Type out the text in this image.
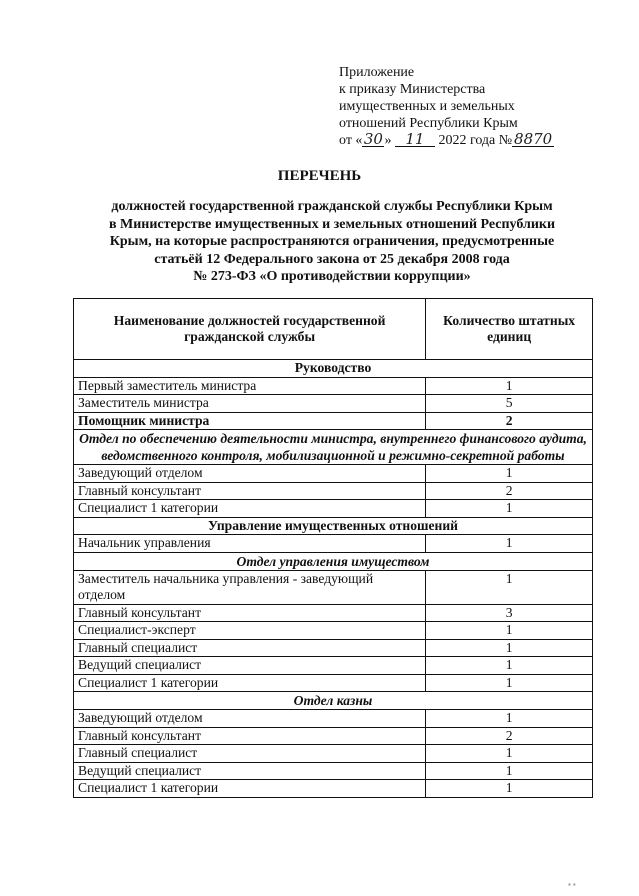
Приложение
к приказу Министерства
имущественных и земельных
отношений Республики Крым
от «30» 11 2022 года № 8870
ПЕРЕЧЕНЬ
должностей государственной гражданской службы Республики Крым
в Министерстве имущественных и земельных отношений Республики
Крым, на которые распространяются ограничения, предусмотренные
статьёй 12 Федерального закона от 25 декабря 2008 года
№ 273-ФЗ «О противодействии коррупции»
Наименование должностей государственной гражданской службы	Количество штатных единиц
Руководство	
Первый заместитель министра	1
Заместитель министра	5
Помощник министра	2
Отдел по обеспечению деятельности министра, внутреннего финансового аудита, ведомственного контроля, мобилизационной и режимно-секретной работы	
Заведующий отделом	1
Главный консультант	2
Специалист 1 категории	1
Управление имущественных отношений	
Начальник управления	1
Отдел управления имуществом	
Заместитель начальника управления - заведующий отделом	1
Главный консультант	3
Специалист-эксперт	1
Главный специалист	1
Ведущий специалист	1
Специалист 1 категории	1
Отдел казны	
Заведующий отделом	1
Главный консультант	2
Главный специалист	1
Ведущий специалист	1
Специалист 1 категории	1
▪ ▪
